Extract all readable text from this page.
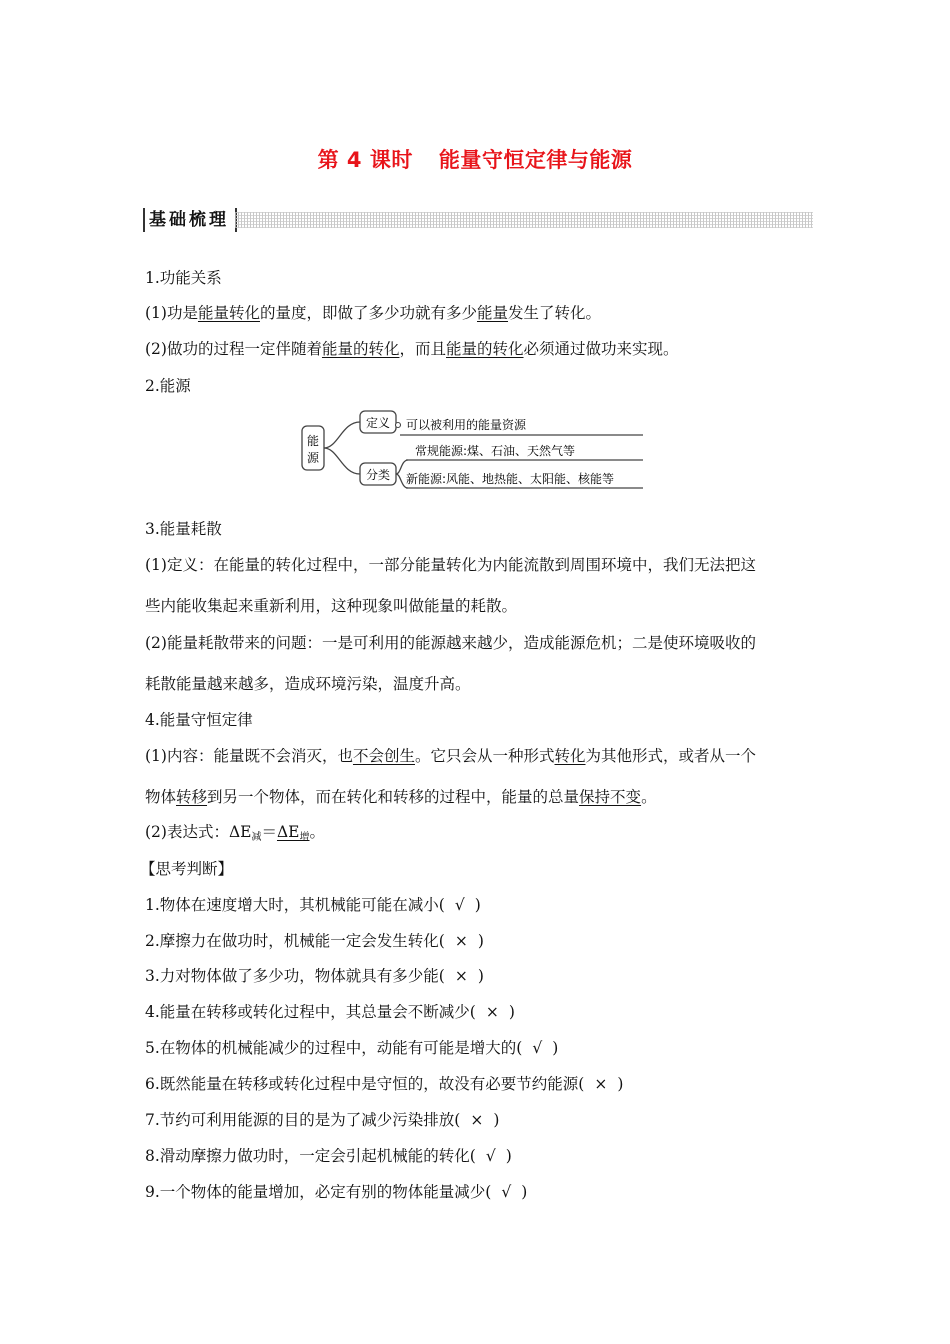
第 4 课时 能量守恒定律与能源
基础梳理
1.功能关系
(1)功是能量转化的量度，即做了多少功就有多少能量发生了转化。
(2)做功的过程一定伴随着能量的转化，而且能量的转化必须通过做功来实现。
2.能源
能
源
定义 可以被利用的能量资源
分类
常规能源:煤、石油、天然气等
新能源:风能、地热能、太阳能、核能等
3.能量耗散
(1)定义：在能量的转化过程中，一部分能量转化为内能流散到周围环境中，我们无法把这
些内能收集起来重新利用，这种现象叫做能量的耗散。
(2)能量耗散带来的问题：一是可利用的能源越来越少，造成能源危机；二是使环境吸收的
耗散能量越来越多，造成环境污染，温度升高。
4.能量守恒定律
(1)内容：能量既不会消灭，也不会创生。它只会从一种形式转化为其他形式，或者从一个
物体转移到另一个物体，而在转化和转移的过程中，能量的总量保持不变。
(2)表达式：$\Delta E_减=\Delta E_增$。
【思考判断】
1.物体在速度增大时，其机械能可能在减小( √ )
2.摩擦力在做功时，机械能一定会发生转化( × )
3.力对物体做了多少功，物体就具有多少能( × )
4.能量在转移或转化过程中，其总量会不断减少( × )
5.在物体的机械能减少的过程中，动能有可能是增大的( √ )
6.既然能量在转移或转化过程中是守恒的，故没有必要节约能源( × )
7.节约可利用能源的目的是为了减少污染排放( × )
8.滑动摩擦力做功时，一定会引起机械能的转化( √ )
9.一个物体的能量增加，必定有别的物体能量减少( √ )
